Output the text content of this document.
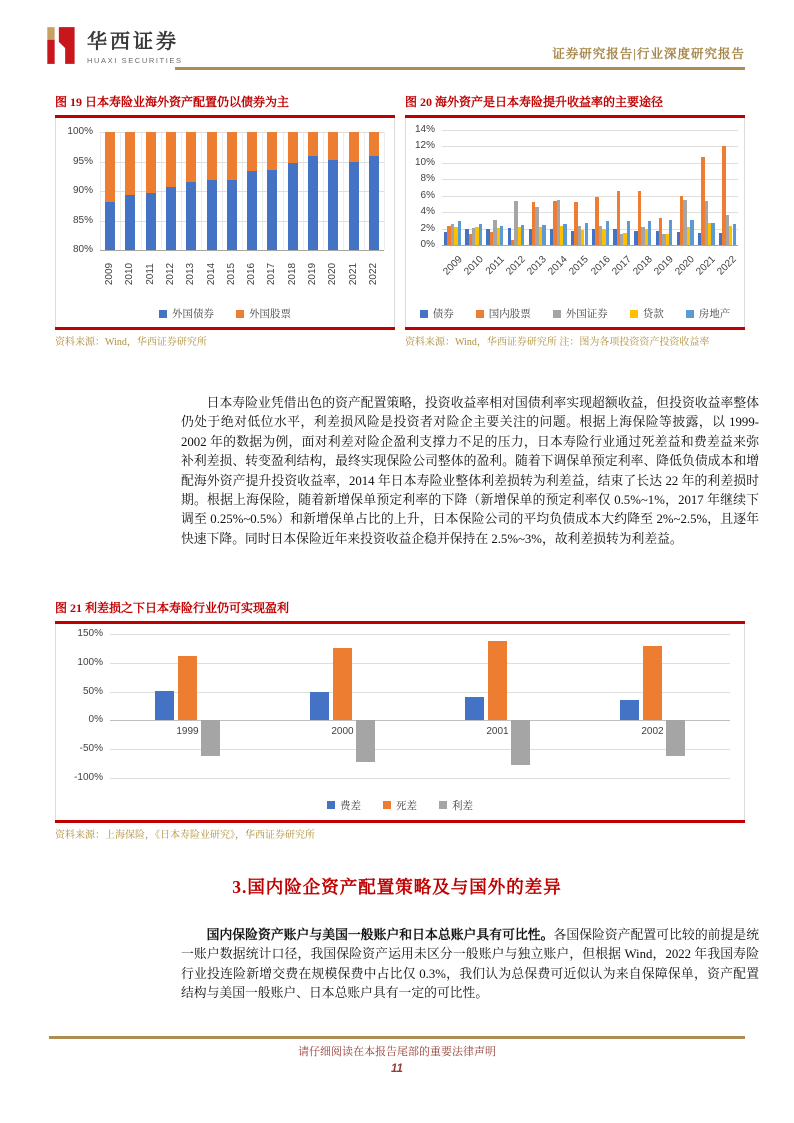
华西证券
HUAXI SECURITIES	证券研究报告|行业深度研究报告
图 19 日本寿险业海外资产配置仍以债券为主
80%
85%
90%
95%
100%
2009 2010 2011 2012 2013 2014 2015 2016 2017 2018 2019 2020 2021 2022
外国债券	外国股票
资料来源：Wind，华西证券研究所
图 20 海外资产是日本寿险提升收益率的主要途径
0%
2%
4%
6%
8%
10%
12%
14%
2009
2010
2011
2012
2013
2014
2015
2016
2017
2018
2019
2020
2021
2022
债券	国内股票	外国证券	贷款	房地产
资料来源：Wind，华西证券研究所 注：图为各项投资资产投资收益率
日本寿险业凭借出色的资产配置策略，投资收益率相对国债利率实现超额收益，但投资收益率整体仍处于绝对低位水平，利差损风险是投资者对险企主要关注的问题。根据上海保险等披露，以 1999-2002 年的数据为例，面对利差对险企盈利支撑力不足的压力，日本寿险行业通过死差益和费差益来弥补利差损、转变盈利结构，最终实现保险公司整体的盈利。随着下调保单预定利率、降低负债成本和增配海外资产提升投资收益率，2014 年日本寿险业整体利差损转为利差益，结束了长达 22 年的利差损时期。根据上海保险，随着新增保单预定利率的下降（新增保单的预定利率仅 0.5%~1%，2017 年继续下调至 0.25%~0.5%）和新增保单占比的上升，日本保险公司的平均负债成本大约降至 2%~2.5%，且逐年快速下降。同时日本保险近年来投资收益企稳并保持在 2.5%~3%，故利差损转为利差益。
图 21 利差损之下日本寿险行业仍可实现盈利
-100%
-50%
0%
50%
100%
150%
1999	2000	2001	2002
费差	死差	利差
资料来源：上海保险，《日本寿险业研究》，华西证券研究所
3.国内险企资产配置策略及与国外的差异
国内保险资产账户与美国一般账户和日本总账户具有可比性。各国保险资产配置可比较的前提是统一账户数据统计口径，我国保险资产运用未区分一般账户与独立账户，但根据 Wind，2022 年我国寿险行业投连险新增交费在规模保费中占比仅 0.3%，我们认为总保费可近似认为来自保障保单，资产配置结构与美国一般账户、日本总账户具有一定的可比性。
请仔细阅读在本报告尾部的重要法律声明
11
